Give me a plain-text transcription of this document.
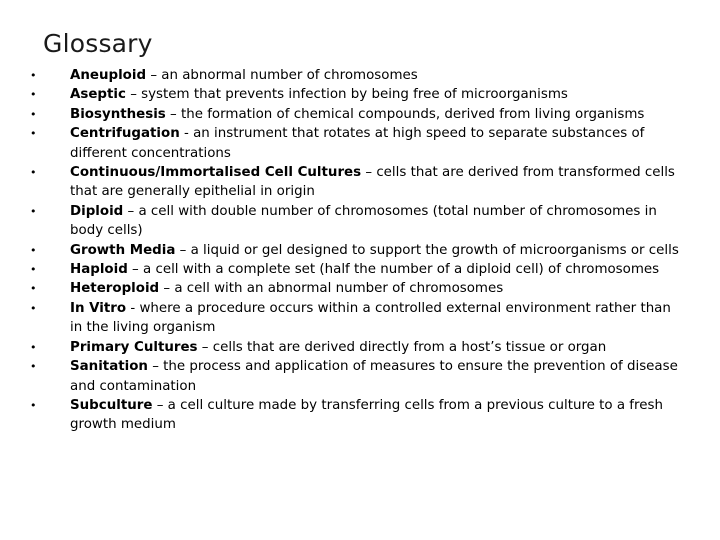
Glossary
•	Aneuploid – an abnormal number of chromosomes
•	Aseptic – system that prevents infection by being free of microorganisms
•	Biosynthesis – the formation of chemical compounds, derived from living organisms
•	Centrifugation - an instrument that rotates at high speed to separate substances of different concentrations
•	Continuous/Immortalised Cell Cultures – cells that are derived from transformed cells that are generally epithelial in origin
•	Diploid – a cell with double number of chromosomes (total number of chromosomes in body cells)
•	Growth Media – a liquid or gel designed to support the growth of microorganisms or cells
•	Haploid – a cell with a complete set (half the number of a diploid cell) of chromosomes
•	Heteroploid – a cell with an abnormal number of chromosomes
•	In Vitro - where a procedure occurs within a controlled external environment rather than in the living organism
•	Primary Cultures – cells that are derived directly from a host’s tissue or organ
•	Sanitation – the process and application of measures to ensure the prevention of disease and contamination
•	Subculture – a cell culture made by transferring cells from a previous culture to a fresh growth medium
